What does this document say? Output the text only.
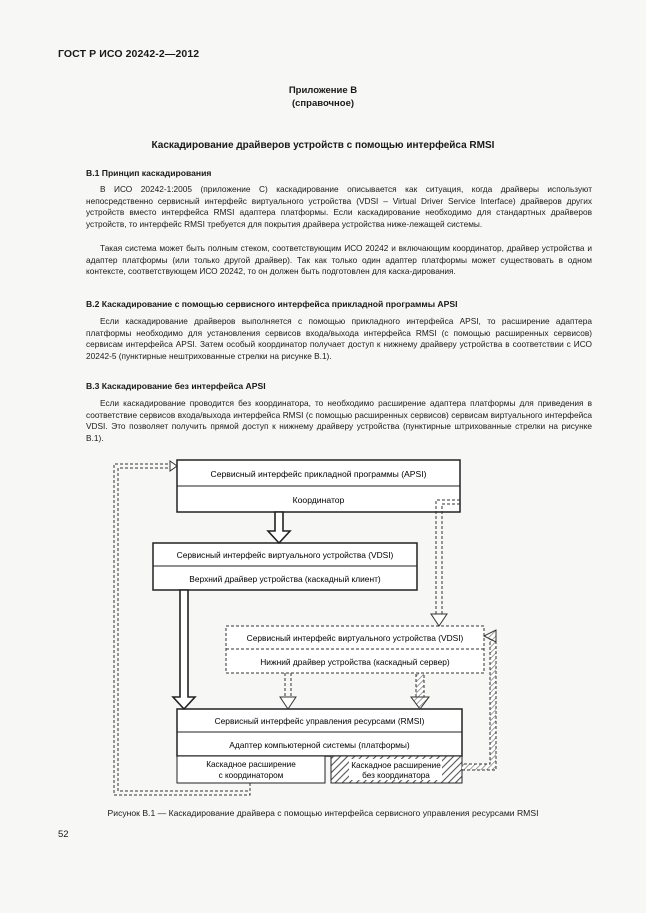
ГОСТ Р ИСО 20242-2—2012
Приложение В
(справочное)
Каскадирование драйверов устройств с помощью интерфейса RMSI
В.1 Принцип каскадирования
В ИСО 20242-1:2005 (приложение С) каскадирование описывается как ситуация, когда драйверы используют непосредственно сервисный интерфейс виртуального устройства (VDSI – Virtual Driver Service Interface) драйверов других устройств вместо интерфейса RMSI адаптера платформы. Если каскадирование необходимо для стандартных драйверов устройств, то интерфейс RMSI требуется для покрытия драйвера устройства ниже-лежащей системы.
Такая система может быть полным стеком, соответствующим ИСО 20242 и включающим координатор, драйвер устройства и адаптер платформы (или только другой драйвер). Так как только один адаптер платформы может существовать в одном контексте, соответствующем ИСО 20242, то он должен быть подготовлен для каска-дирования.
В.2 Каскадирование с помощью сервисного интерфейса прикладной программы APSI
Если каскадирование драйверов выполняется с помощью прикладного интерфейса APSI, то расширение адаптера платформы необходимо для установления сервисов входа/выхода интерфейса RMSI (с помощью расширенных сервисов) сервисам интерфейса APSI. Затем особый координатор получает доступ к нижнему драйверу устройства в соответствии с ИСО 20242-5 (пунктирные нештрихованные стрелки на рисунке В.1).
В.3 Каскадирование без интерфейса APSI
Если каскадирование проводится без координатора, то необходимо расширение адаптера платформы для приведения в соответствие сервисов входа/выхода интерфейса RMSI (с помощью расширенных сервисов) сервисам виртуального интерфейса VDSI. Это позволяет получить прямой доступ к нижнему драйверу устройства (пунктирные штрихованные стрелки на рисунке В.1).
Сервисный интерфейс прикладной программы (APSI)
Координатор
Сервисный интерфейс виртуального устройства (VDSI)
Верхний драйвер устройства (каскадный клиент)
Сервисный интерфейс виртуального устройства (VDSI)
Нижний драйвер устройства (каскадный сервер)
Сервисный интерфейс управления ресурсами (RMSI)
Адаптер компьютерной системы (платформы)
Каскадное расширение
с координатором
Каскадное расширение
без координатора
Рисунок В.1 — Каскадирование драйвера с помощью интерфейса сервисного управления ресурсами RMSI
52
